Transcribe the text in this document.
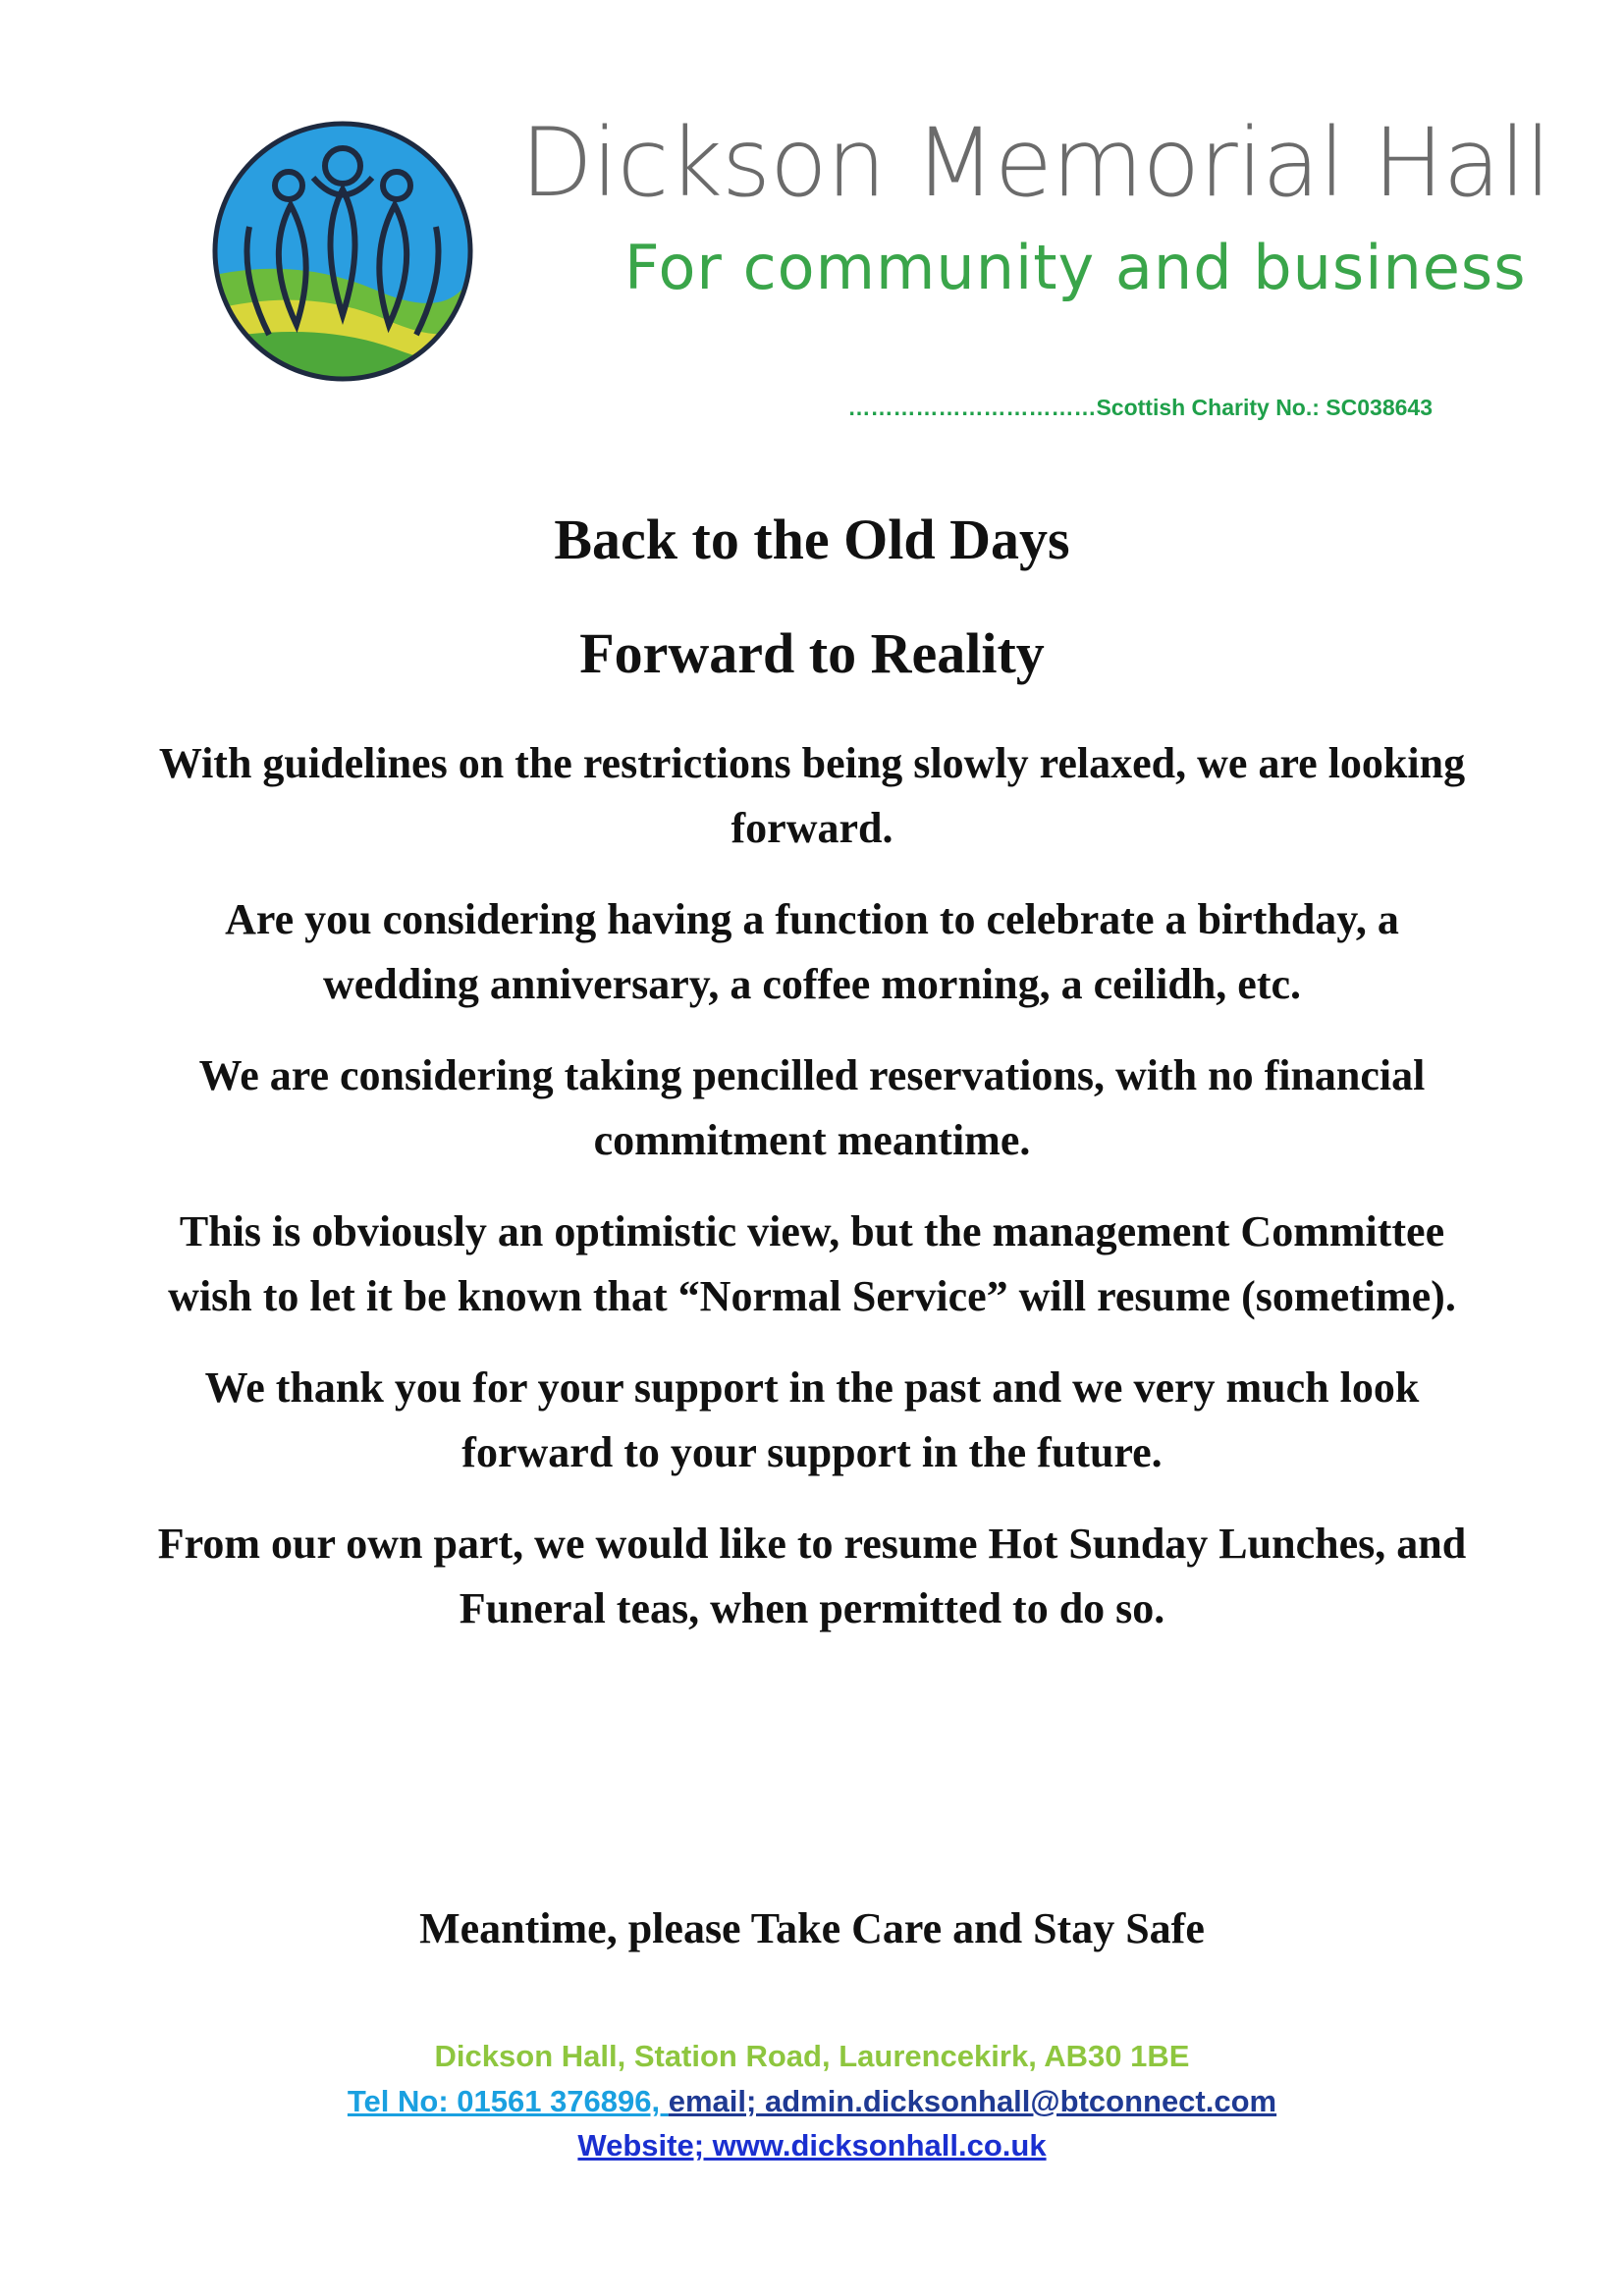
Dickson Memorial Hall
For community and business
……………………………Scottish Charity No.: SC038643
Back to the Old Days
Forward to Reality

With guidelines on the restrictions being slowly relaxed, we are looking forward.

Are you considering having a function to celebrate a birthday, a wedding anniversary, a coffee morning, a ceilidh, etc.

We are considering taking pencilled reservations, with no financial commitment meantime.

This is obviously an optimistic view, but the management Committee wish to let it be known that “Normal Service” will resume (sometime).

We thank you for your support in the past and we very much look forward to your support in the future.

From our own part, we would like to resume Hot Sunday Lunches, and Funeral teas, when permitted to do so.

Meantime, please Take Care and Stay Safe
Dickson Hall, Station Road, Laurencekirk, AB30 1BE
Tel No: 01561 376896, email; admin.dicksonhall@btconnect.com
Website; www.dicksonhall.co.uk
